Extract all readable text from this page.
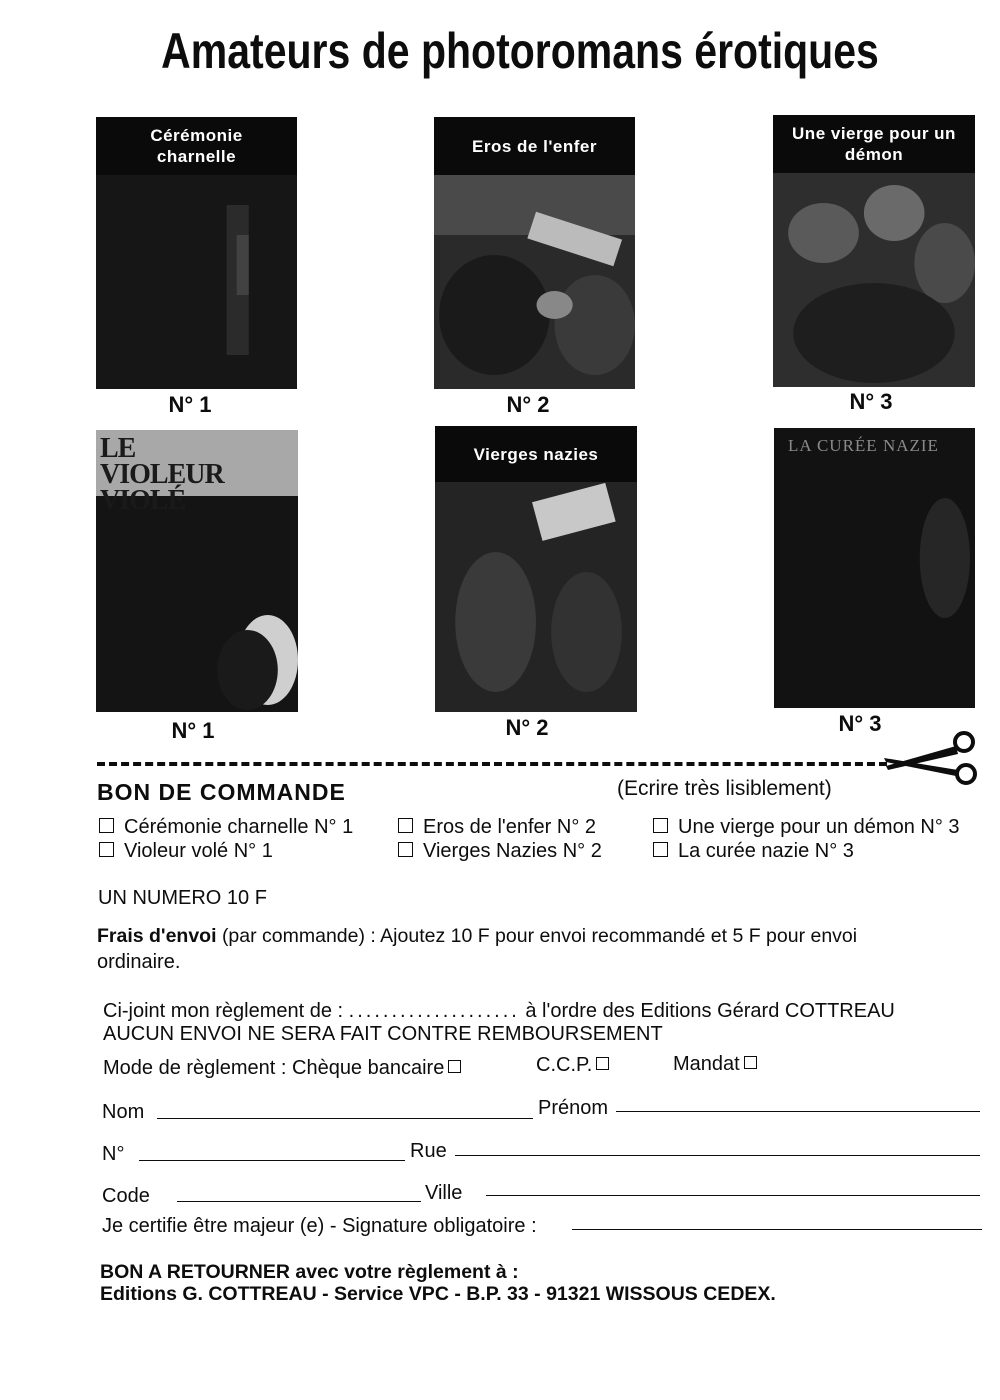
Amateurs de photoromans érotiques
Cérémonie charnelle
N° 1
Eros de l'enfer
N° 2
Une vierge pour un démon
N° 3
LE VIOLEUR VIOLÉ
N° 1
Vierges nazies
N° 2
LA CURÉE NAZIE
N° 3
BON DE COMMANDE	(Ecrire très lisiblement)
Cérémonie charnelle N° 1	Eros de l'enfer N° 2	Une vierge pour un démon N° 3
Violeur volé N° 1	Vierges Nazies N° 2	La curée nazie N° 3
UN NUMERO 10 F
Frais d'envoi (par commande) : Ajoutez 10 F pour envoi recommandé et 5 F pour envoi
ordinaire.
Ci-joint mon règlement de : .................... à l'ordre des Editions Gérard COTTREAU
AUCUN ENVOI NE SERA FAIT CONTRE REMBOURSEMENT
Mode de règlement : Chèque bancaire	C.C.P.	Mandat
Nom	Prénom
N°	Rue
Code	Ville
Je certifie être majeur (e) - Signature obligatoire :
BON A RETOURNER avec votre règlement à :
Editions G. COTTREAU - Service VPC - B.P. 33 - 91321 WISSOUS CEDEX.
